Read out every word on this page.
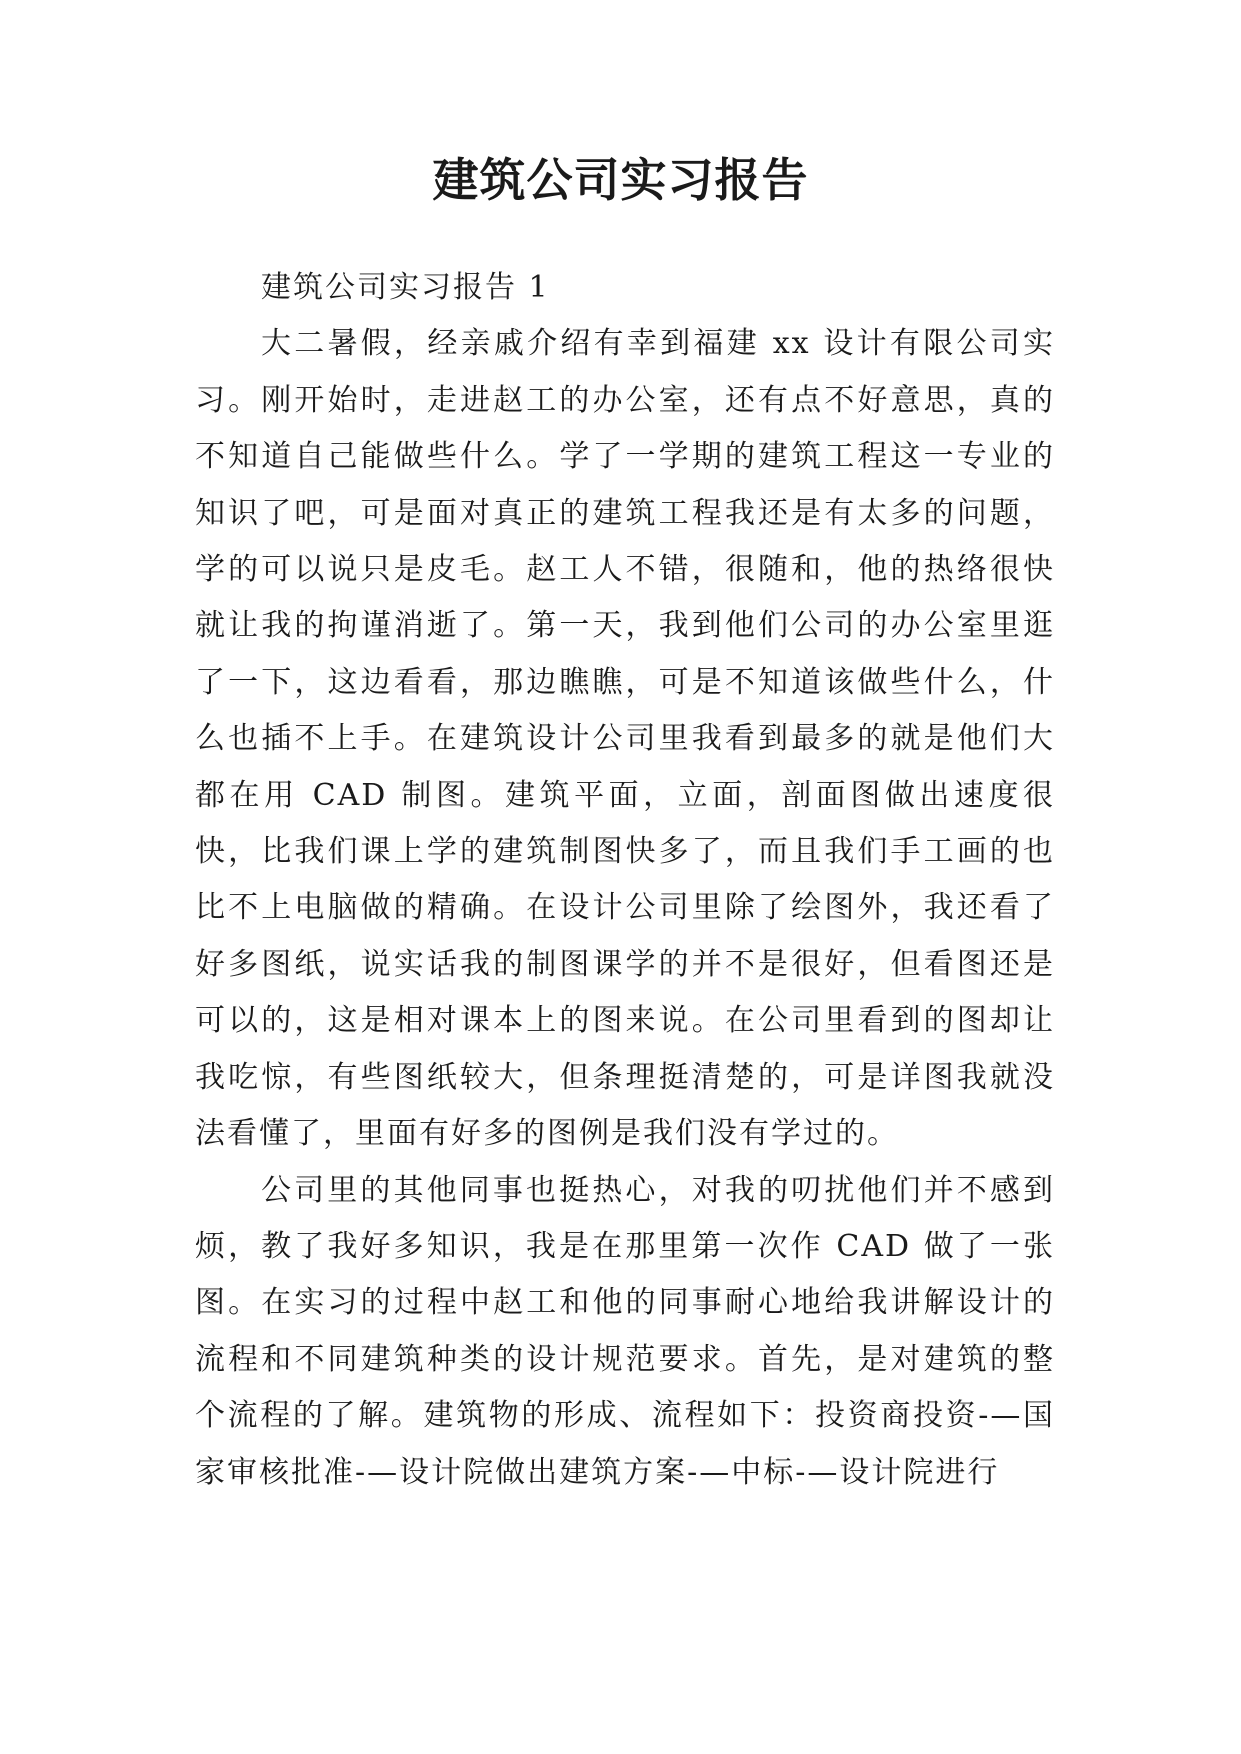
建筑公司实习报告

建筑公司实习报告 1

大二暑假，经亲戚介绍有幸到福建 xx 设计有限公司实习。刚开始时，走进赵工的办公室，还有点不好意思，真的不知道自己能做些什么。学了一学期的建筑工程这一专业的知识了吧，可是面对真正的建筑工程我还是有太多的问题，学的可以说只是皮毛。赵工人不错，很随和，他的热络很快就让我的拘谨消逝了。第一天，我到他们公司的办公室里逛了一下，这边看看，那边瞧瞧，可是不知道该做些什么，什么也插不上手。在建筑设计公司里我看到最多的就是他们大都在用 CAD 制图。建筑平面，立面，剖面图做出速度很快，比我们课上学的建筑制图快多了，而且我们手工画的也比不上电脑做的精确。在设计公司里除了绘图外，我还看了好多图纸，说实话我的制图课学的并不是很好，但看图还是可以的，这是相对课本上的图来说。在公司里看到的图却让我吃惊，有些图纸较大，但条理挺清楚的，可是详图我就没法看懂了，里面有好多的图例是我们没有学过的。

公司里的其他同事也挺热心，对我的叨扰他们并不感到烦，教了我好多知识，我是在那里第一次作 CAD 做了一张图。在实习的过程中赵工和他的同事耐心地给我讲解设计的流程和不同建筑种类的设计规范要求。首先，是对建筑的整个流程的了解。建筑物的形成、流程如下：投资商投资-—国家审核批准-—设计院做出建筑方案-—中标-—设计院进行
